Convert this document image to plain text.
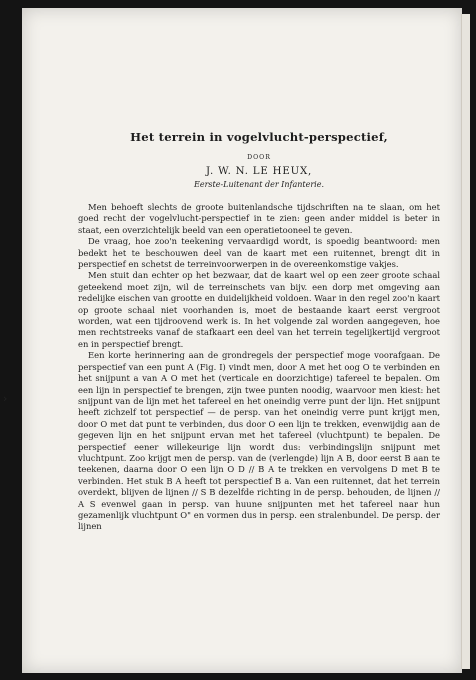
›
Het terrein in vogelvlucht-perspectief,
DOOR
J. W. N. LE HEUX,
Eerste-Luitenant der Infanterie.

Men behoeft slechts de groote buitenlandsche tijdschriften na te slaan, om het goed recht der vogelvlucht-perspectief in te zien: geen ander middel is beter in staat, een overzichtelijk beeld van een operatietooneel te geven.

De vraag, hoe zoo'n teekening vervaardigd wordt, is spoedig beantwoord: men bedekt het te beschouwen deel van de kaart met een ruitennet, brengt dit in perspectief en schetst de terreinvoorwerpen in de overeenkomstige vakjes.

Men stuit dan echter op het bezwaar, dat de kaart wel op een zeer groote schaal geteekend moet zijn, wil de terreinschets van bijv. een dorp met omgeving aan redelijke eischen van grootte en duidelijkheid voldoen. Waar in den regel zoo'n kaart op groote schaal niet voorhanden is, moet de bestaande kaart eerst vergroot worden, wat een tijdroovend werk is. In het volgende zal worden aangegeven, hoe men rechtstreeks vanaf de stafkaart een deel van het terrein tegelijkertijd vergroot en in perspectief brengt.

Een korte herinnering aan de grondregels der perspectief moge voorafgaan. De perspectief van een punt A (Fig. I) vindt men, door A met het oog O te verbinden en het snijpunt a van A O met het (verticale en doorzichtige) tafereel te bepalen. Om een lijn in perspectief te brengen, zijn twee punten noodig, waarvoor men kiest: het snijpunt van de lijn met het tafereel en het oneindig verre punt der lijn. Het snijpunt heeft zichzelf tot perspectief — de persp. van het oneindig verre punt krijgt men, door O met dat punt te verbinden, dus door O een lijn te trekken, evenwijdig aan de gegeven lijn en het snijpunt ervan met het tafereel (vluchtpunt) te bepalen. De perspectief eener willekeurige lijn wordt dus: verbindingslijn snijpunt met vluchtpunt. Zoo krijgt men de persp. van de (verlengde) lijn A B, door eerst B aan te teekenen, daarna door O een lijn O D // B A te trekken en vervolgens D met B te verbinden. Het stuk B A heeft tot perspectief B a. Van een ruitennet, dat het terrein overdekt, blijven de lijnen // S B dezelfde richting in de persp. behouden, de lijnen // A S evenwel gaan in persp. van huune snijpunten met het tafereel naar hun gezamenlijk vluchtpunt O" en vormen dus in persp. een stralenbundel. De persp. der lijnen
